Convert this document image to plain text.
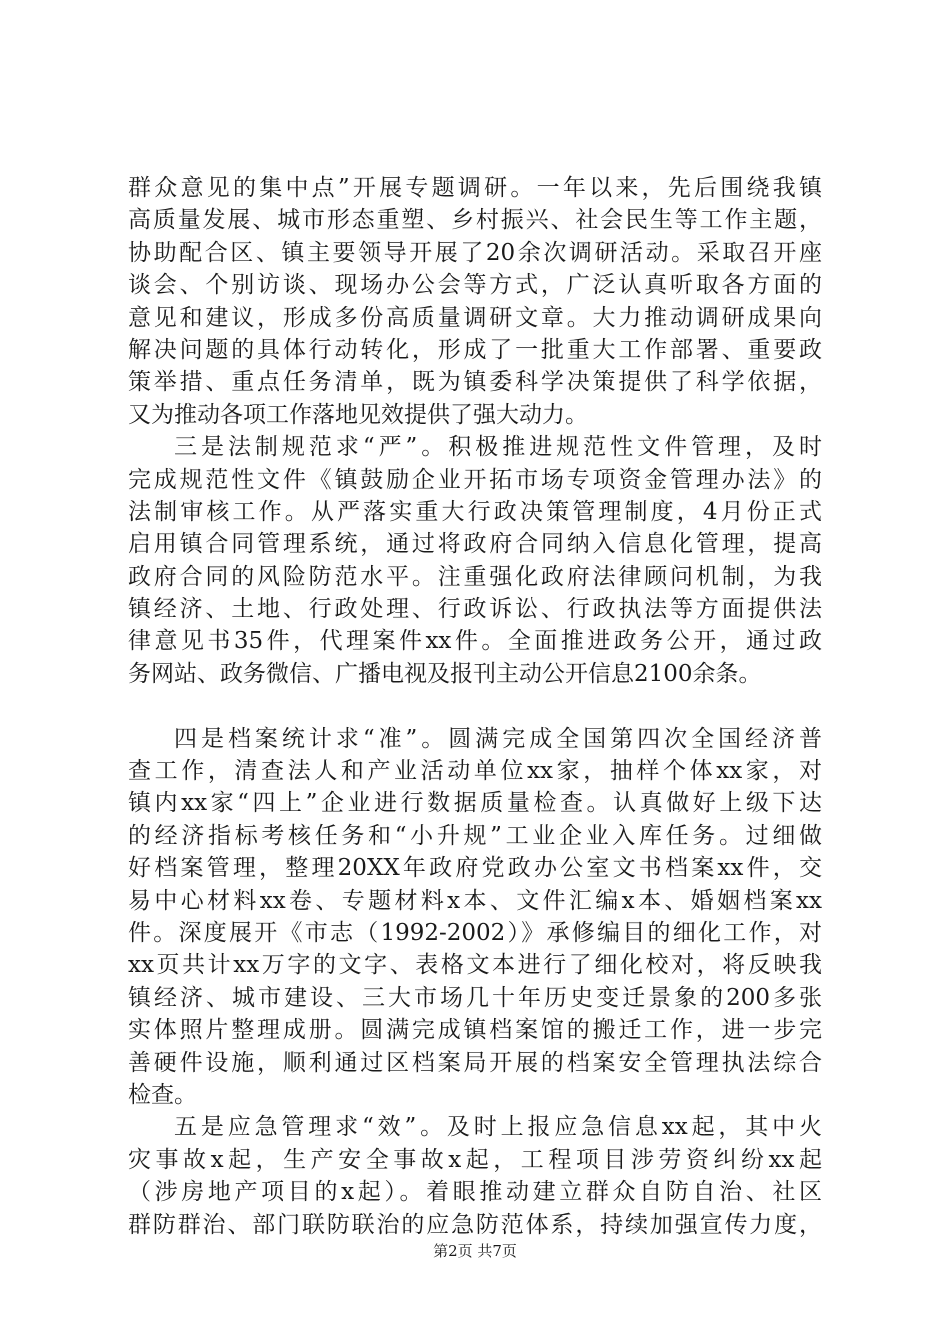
群众意见的集中点”开展专题调研。一年以来，先后围绕我镇
高质量发展、城市形态重塑、乡村振兴、社会民生等工作主题，
协助配合区、镇主要领导开展了20余次调研活动。采取召开座
谈会、个别访谈、现场办公会等方式，广泛认真听取各方面的
意见和建议，形成多份高质量调研文章。大力推动调研成果向
解决问题的具体行动转化，形成了一批重大工作部署、重要政
策举措、重点任务清单，既为镇委科学决策提供了科学依据，
又为推动各项工作落地见效提供了强大动力。
三是法制规范求“严”。积极推进规范性文件管理，及时
完成规范性文件《镇鼓励企业开拓市场专项资金管理办法》的
法制审核工作。从严落实重大行政决策管理制度，4月份正式
启用镇合同管理系统，通过将政府合同纳入信息化管理，提高
政府合同的风险防范水平。注重强化政府法律顾问机制，为我
镇经济、土地、行政处理、行政诉讼、行政执法等方面提供法
律意见书35件，代理案件xx件。全面推进政务公开，通过政
务网站、政务微信、广播电视及报刊主动公开信息2100余条。
四是档案统计求“准”。圆满完成全国第四次全国经济普
查工作，清查法人和产业活动单位xx家，抽样个体xx家，对
镇内xx家“四上”企业进行数据质量检查。认真做好上级下达
的经济指标考核任务和“小升规”工业企业入库任务。过细做
好档案管理，整理20XX年政府党政办公室文书档案xx件，交
易中心材料xx卷、专题材料x本、文件汇编x本、婚姻档案xx
件。深度展开《市志（1992-2002）》承修编目的细化工作，对
xx页共计xx万字的文字、表格文本进行了细化校对，将反映我
镇经济、城市建设、三大市场几十年历史变迁景象的200多张
实体照片整理成册。圆满完成镇档案馆的搬迁工作，进一步完
善硬件设施，顺利通过区档案局开展的档案安全管理执法综合
检查。
五是应急管理求“效”。及时上报应急信息xx起，其中火
灾事故x起，生产安全事故x起，工程项目涉劳资纠纷xx起
（涉房地产项目的x起）。着眼推动建立群众自防自治、社区
群防群治、部门联防联治的应急防范体系，持续加强宣传力度，
第2页 共7页
